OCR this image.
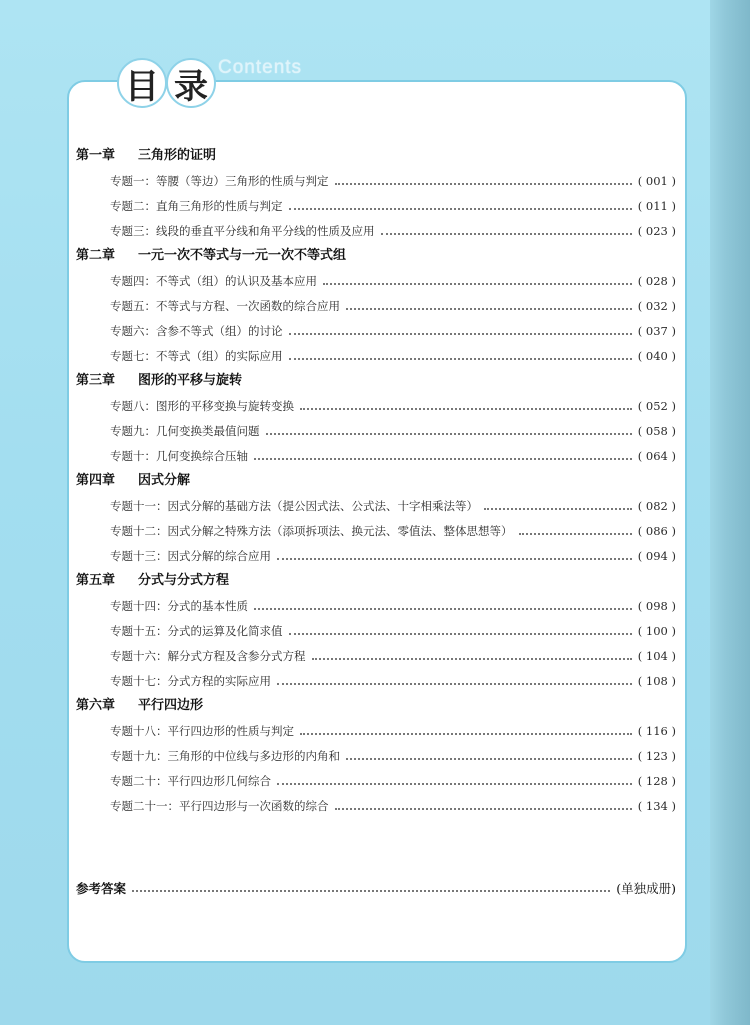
目 录 Contents
第一章 三角形的证明
专题一：等腰（等边）三角形的性质与判定	( 001 )
专题二：直角三角形的性质与判定	( 011 )
专题三：线段的垂直平分线和角平分线的性质及应用	( 023 )
第二章 一元一次不等式与一元一次不等式组
专题四：不等式（组）的认识及基本应用	( 028 )
专题五：不等式与方程、一次函数的综合应用	( 032 )
专题六：含参不等式（组）的讨论	( 037 )
专题七：不等式（组）的实际应用	( 040 )
第三章 图形的平移与旋转
专题八：图形的平移变换与旋转变换	( 052 )
专题九：几何变换类最值问题	( 058 )
专题十：几何变换综合压轴	( 064 )
第四章 因式分解
专题十一：因式分解的基础方法（提公因式法、公式法、十字相乘法等）	( 082 )
专题十二：因式分解之特殊方法（添项拆项法、换元法、零值法、整体思想等）	( 086 )
专题十三：因式分解的综合应用	( 094 )
第五章 分式与分式方程
专题十四：分式的基本性质	( 098 )
专题十五：分式的运算及化简求值	( 100 )
专题十六：解分式方程及含参分式方程	( 104 )
专题十七：分式方程的实际应用	( 108 )
第六章 平行四边形
专题十八：平行四边形的性质与判定	( 116 )
专题十九：三角形的中位线与多边形的内角和	( 123 )
专题二十：平行四边形几何综合	( 128 )
专题二十一：平行四边形与一次函数的综合	( 134 )
参考答案	(单独成册)
